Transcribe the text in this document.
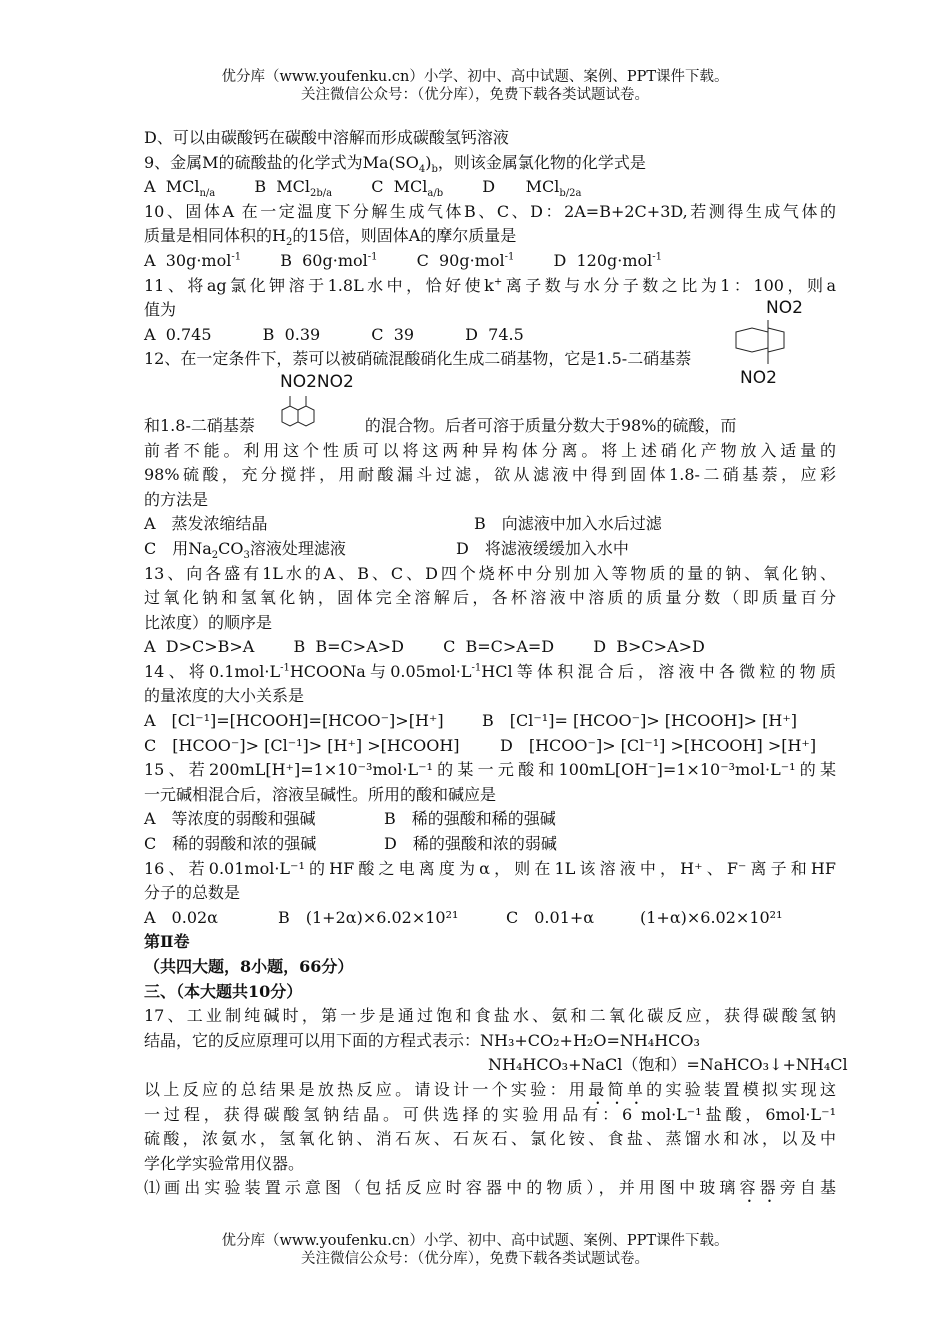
优分库（www.youfenku.cn）小学、初中、高中试题、案例、PPT课件下载。
关注微信公众号：（优分库），免费下载各类试题试卷。
NO2
NO2
NO2NO2
D、可以由碳酸钙在碳酸中溶解而形成碳酸氢钙溶液
9、金属M的硫酸盐的化学式为$Ma(SO_4)_b$，则该金属氯化物的化学式是
A MCl$_{n/a}$ B MCl$_{2b/a}$ C MCl$_{a/b}$ D MCl$_{b/2a}$
10、固体A 在一定温度下分解生成气体B、C、D：2A=B+2C+3D,若测得生成气体的
质量是相同体积的$H_2$的15倍，则固体A的摩尔质量是
A 30g·mol$^{-1}$ B 60g·mol$^{-1}$ C 90g·mol$^{-1}$ D 120g·mol$^{-1}$
11、将ag氯化钾溶于1.8L水中，恰好使k+离子数与水分子数之比为1：100，则a
值为
A 0.745	B 0.39	C 39	D 74.5
12、在一定条件下，萘可以被硝硫混酸硝化生成二硝基物，它是1.5-二硝基萘
和1.8-二硝基萘	的混合物。后者可溶于质量分数大于98%的硫酸，而
前者不能。利用这个性质可以将这两种异构体分离。将上述硝化产物放入适量的
98%硫酸，充分搅拌，用耐酸漏斗过滤，欲从滤液中得到固体1.8-二硝基萘，应彩
的方法是
A　蒸发浓缩结晶	B　向滤液中加入水后过滤
C　用$Na_2CO_3$溶液处理滤液	D　将滤液缓缓加入水中
13、向各盛有1L水的A、B、C、D四个烧杯中分别加入等物质的量的钠、氧化钠、
过氧化钠和氢氧化钠，固体完全溶解后，各杯溶液中溶质的质量分数（即质量百分
比浓度）的顺序是
A D>C>B>A B B=C>A>D C B=C>A=D D B>C>A>D
14、将$0.1mol\cdot L^{-1}HCOONa$与$0.05mol\cdot L^{-1}HCl$等体积混合后，溶液中各微粒的物质
的量浓度的大小关系是
A　[Cl⁻¹]=[HCOOH]=[HCOO⁻]>[H⁺] B　[Cl⁻¹]= [HCOO⁻]> [HCOOH]> [H⁺]
C　[HCOO⁻]> [Cl⁻¹]> [H⁺] >[HCOOH]	D　[HCOO⁻]> [Cl⁻¹] >[HCOOH] >[H⁺]
15、若200mL[H⁺]=1×10⁻³mol·L⁻¹的某一元酸和100mL[OH⁻]=1×10⁻³mol·L⁻¹的某
一元碱相混合后，溶液呈碱性。所用的酸和碱应是
A　等浓度的弱酸和强碱	B　稀的强酸和稀的强碱
C　稀的弱酸和浓的强碱	D　稀的强酸和浓的弱碱
16、若0.01mol·L⁻¹的HF酸之电离度为α，则在1L该溶液中，H⁺、F⁻离子和HF
分子的总数是
A　0.02α	B　(1+2α)×6.02×10²¹	C　0.01+α	(1+α)×6.02×10²¹
第Ⅱ卷
（共四大题，8小题，66分）
三、（本大题共10分）
17、工业制纯碱时，第一步是通过饱和食盐水、氨和二氧化碳反应，获得碳酸氢钠
结晶，它的反应原理可以用下面的方程式表示：NH₃+CO₂+H₂O=NH₄HCO₃
NH₄HCO₃+NaCl（饱和）=NaHCO₃↓+NH₄Cl
以上反应的总结果是放热反应。请设计一个实验：用最简单的实验装置模拟实现这
一过程，获得碳酸氢钠结晶。可供选择的实验用品有：6 mol·L⁻¹盐酸，6mol·L⁻¹
硫酸，浓氨水，氢氧化钠、消石灰、石灰石、氯化铵、食盐、蒸馏水和冰，以及中
学化学实验常用仪器。
⑴画出实验装置示意图（包括反应时容器中的物质），并用图中玻璃容器旁自基
优分库（www.youfenku.cn）小学、初中、高中试题、案例、PPT课件下载。
关注微信公众号：（优分库），免费下载各类试题试卷。
